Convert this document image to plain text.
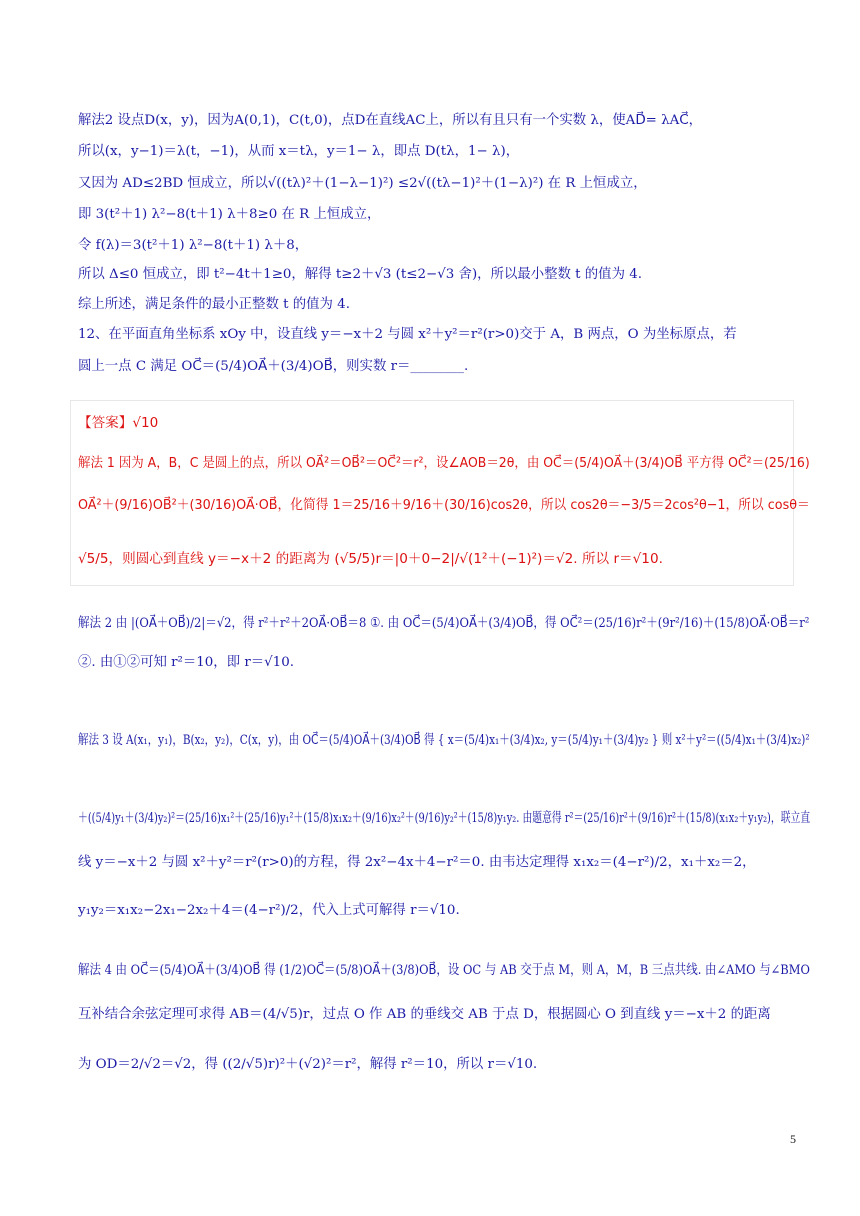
解法2 设点D(x，y)，因为A(0,1)，C(t,0)，点D在直线AC上，所以有且只有一个实数 λ，使AD⃗= λAC⃗，
所以(x，y−1)＝λ(t，−1)，从而 x＝tλ，y＝1− λ，即点 D(tλ，1− λ)，
又因为 AD≤2BD 恒成立，所以√((tλ)²＋(1−λ−1)²) ≤2√((tλ−1)²＋(1−λ)²) 在 R 上恒成立，
即 3(t²＋1) λ²−8(t＋1) λ＋8≥0 在 R 上恒成立，
令 f(λ)＝3(t²＋1) λ²−8(t＋1) λ＋8，
所以 Δ≤0 恒成立，即 t²−4t＋1≥0，解得 t≥2＋√3 (t≤2−√3 舍)，所以最小整数 t 的值为 4.
综上所述，满足条件的最小正整数 t 的值为 4.
12、在平面直角坐标系 xOy 中，设直线 y＝−x＋2 与圆 x²＋y²＝r²(r>0)交于 A，B 两点，O 为坐标原点，若
圆上一点 C 满足 OC⃗＝(5/4)OA⃗＋(3/4)OB⃗，则实数 r＝________.
【答案】√10
解法 1 因为 A，B，C 是圆上的点，所以 OA⃗²＝OB⃗²＝OC⃗²＝r²，设∠AOB＝2θ，由 OC⃗＝(5/4)OA⃗＋(3/4)OB⃗ 平方得 OC⃗²＝(25/16)
OA⃗²＋(9/16)OB⃗²＋(30/16)OA⃗·OB⃗，化简得 1＝25/16＋9/16＋(30/16)cos2θ，所以 cos2θ＝−3/5＝2cos²θ−1，所以 cosθ＝
√5/5，则圆心到直线 y＝−x＋2 的距离为 (√5/5)r＝|0＋0−2|/√(1²＋(−1)²)＝√2. 所以 r＝√10.
解法 2 由 |(OA⃗＋OB⃗)/2|＝√2，得 r²＋r²＋2OA⃗·OB⃗＝8 ①. 由 OC⃗＝(5/4)OA⃗＋(3/4)OB⃗，得 OC⃗²＝(25/16)r²＋(9r²/16)＋(15/8)OA⃗·OB⃗＝r²
②. 由①②可知 r²＝10，即 r＝√10.
解法 3 设 A(x₁，y₁)，B(x₂，y₂)，C(x，y)，由 OC⃗＝(5/4)OA⃗＋(3/4)OB⃗ 得 { x＝(5/4)x₁＋(3/4)x₂, y＝(5/4)y₁＋(3/4)y₂ } 则 x²＋y²＝((5/4)x₁＋(3/4)x₂)²
＋((5/4)y₁＋(3/4)y₂)²＝(25/16)x₁²＋(25/16)y₁²＋(15/8)x₁x₂＋(9/16)x₂²＋(9/16)y₂²＋(15/8)y₁y₂. 由题意得 r²＝(25/16)r²＋(9/16)r²＋(15/8)(x₁x₂＋y₁y₂)，联立直
线 y＝−x＋2 与圆 x²＋y²＝r²(r>0)的方程，得 2x²−4x＋4−r²＝0. 由韦达定理得 x₁x₂＝(4−r²)/2，x₁＋x₂＝2，
y₁y₂＝x₁x₂−2x₁−2x₂＋4＝(4−r²)/2，代入上式可解得 r＝√10.
解法 4 由 OC⃗＝(5/4)OA⃗＋(3/4)OB⃗ 得 (1/2)OC⃗＝(5/8)OA⃗＋(3/8)OB⃗，设 OC 与 AB 交于点 M，则 A，M，B 三点共线. 由∠AMO 与∠BMO
互补结合余弦定理可求得 AB＝(4/√5)r，过点 O 作 AB 的垂线交 AB 于点 D，根据圆心 O 到直线 y＝−x＋2 的距离
为 OD＝2/√2＝√2，得 ((2/√5)r)²＋(√2)²＝r²，解得 r²＝10，所以 r＝√10.
5
